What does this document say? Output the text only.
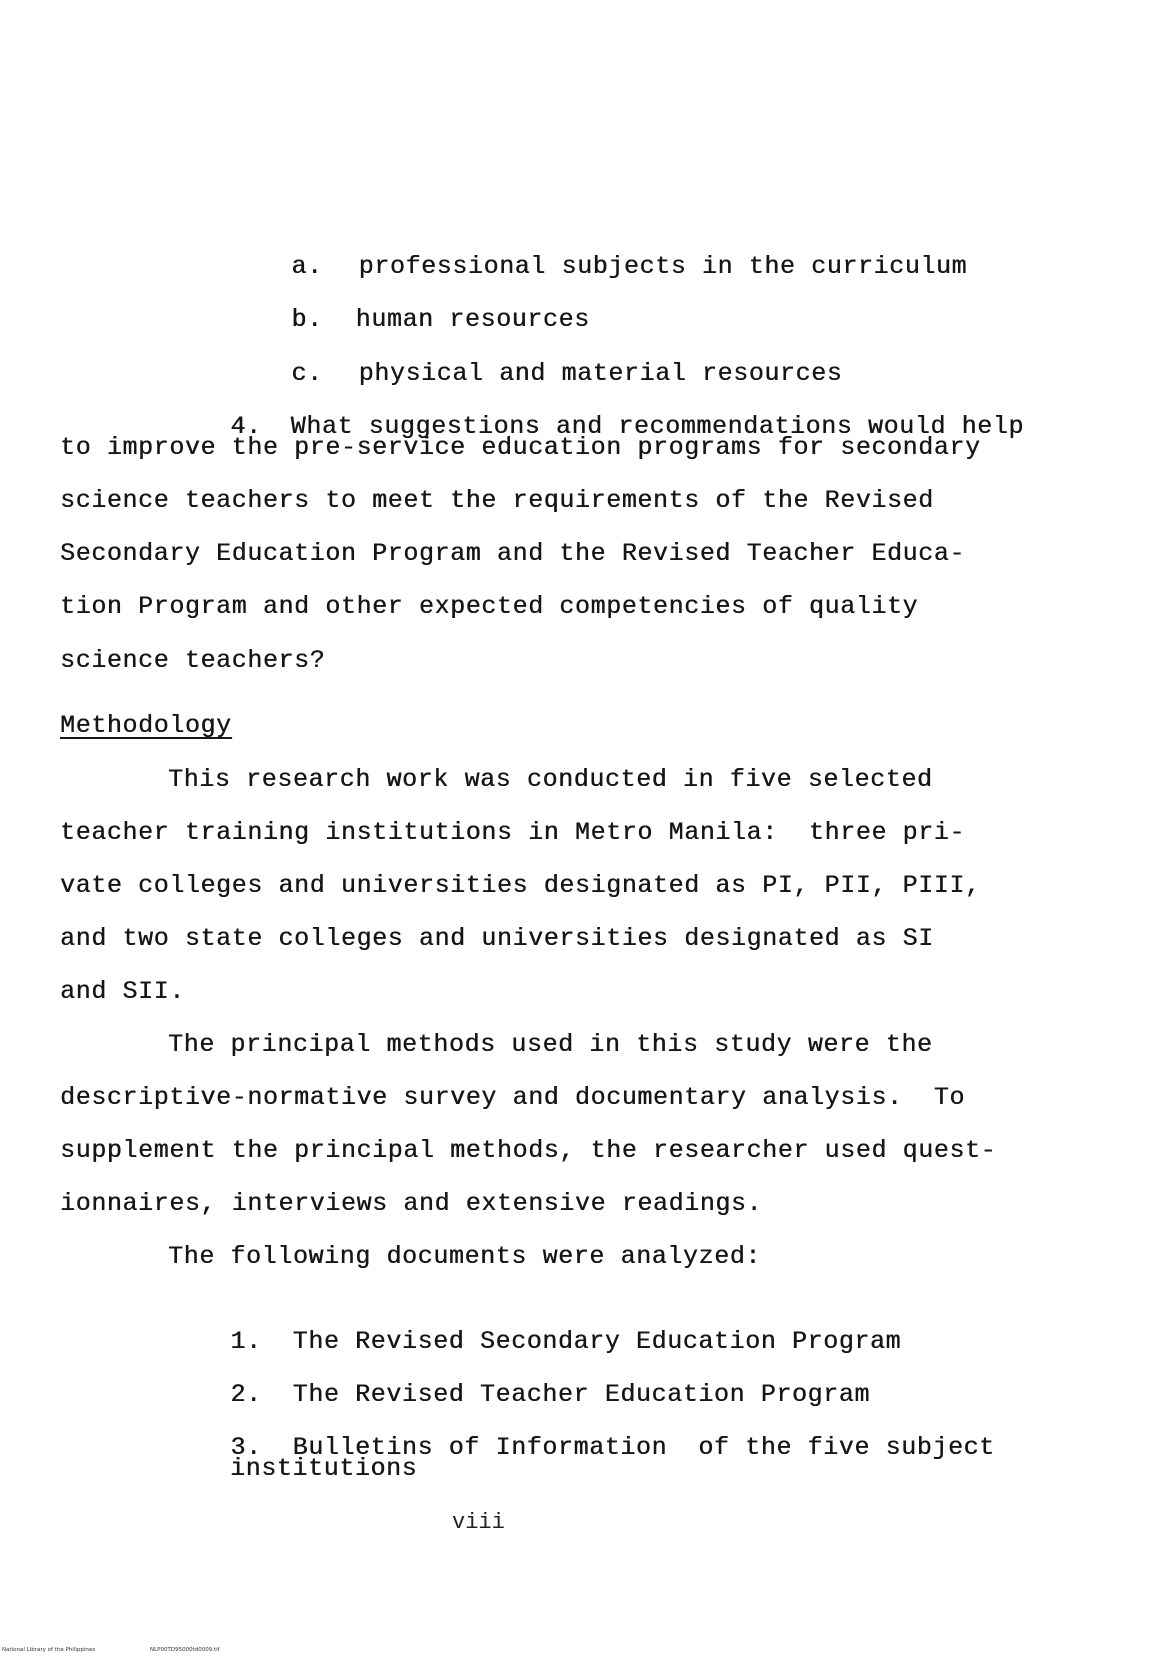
a. professional subjects in the curriculum

b. human resources

c. physical and material resources

4. What suggestions and recommendations would help

to improve the pre-service education programs for secondary
science teachers to meet the requirements of the Revised
Secondary Education Program and the Revised Teacher Educa-
tion Program and other expected competencies of quality
science teachers?
Methodology
This research work was conducted in five selected
teacher training institutions in Metro Manila:  three pri-
vate colleges and universities designated as PI, PII, PIII,
and two state colleges and universities designated as SI
and SII.
The principal methods used in this study were the
descriptive-normative survey and documentary analysis.  To
supplement the principal methods, the researcher used quest-
ionnaires, interviews and extensive readings.
The following documents were analyzed:

1. The Revised Secondary Education Program

2. The Revised Teacher Education Program

3. Bulletins of Information  of the five subject

institutions
viii
National Library of the Philippines	NLP00TD95000td0009.tif
